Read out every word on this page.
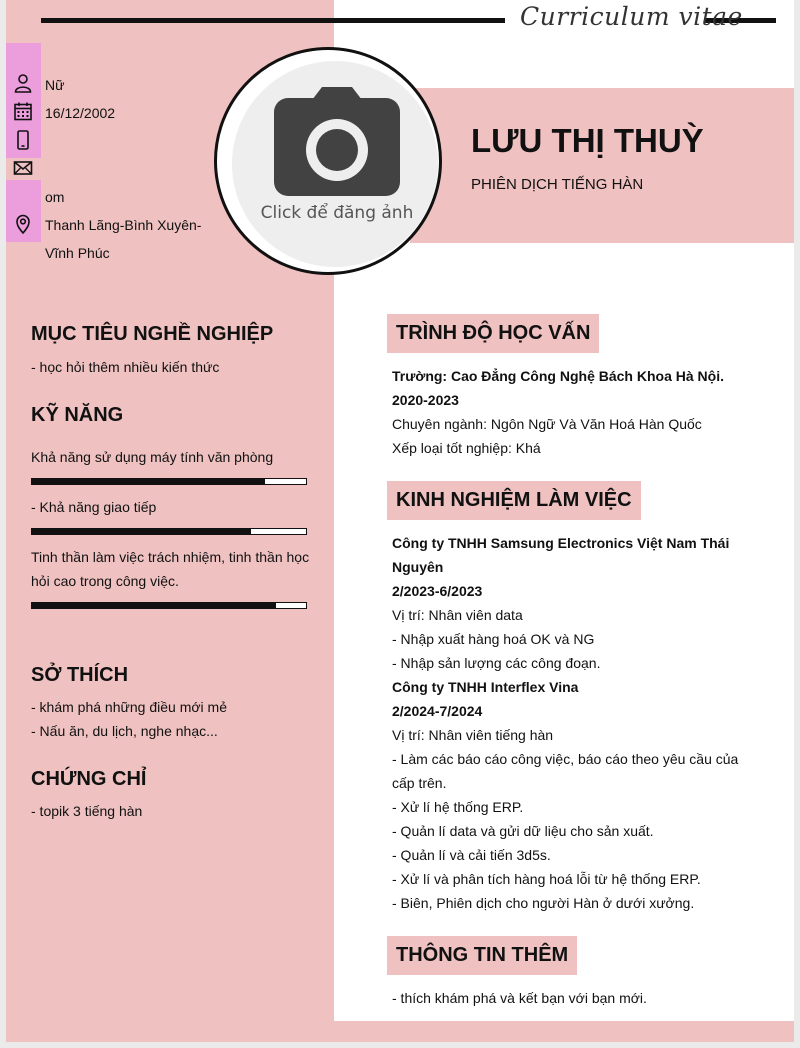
Curriculum vitae
Nữ
16/12/2002
om
Thanh Lãng-Bình Xuyên-
Vĩnh Phúc
Click để đăng ảnh
LƯU THỊ THUỲ
PHIÊN DỊCH TIẾNG HÀN
MỤC TIÊU NGHỀ NGHIỆP
- học hỏi thêm nhiều kiến thức
KỸ NĂNG
Khả năng sử dụng máy tính văn phòng
- Khả năng giao tiếp
Tinh thần làm việc trách nhiệm, tinh thần học hỏi cao trong công việc.
SỞ THÍCH
- khám phá những điều mới mẻ
- Nấu ăn, du lịch, nghe nhạc...
CHỨNG CHỈ
- topik 3 tiếng hàn
TRÌNH ĐỘ HỌC VẤN
Trường: Cao Đẳng Công Nghệ Bách Khoa Hà Nội.
2020-2023
Chuyên ngành: Ngôn Ngữ Và Văn Hoá Hàn Quốc
Xếp loại tốt nghiệp: Khá
KINH NGHIỆM LÀM VIỆC
Công ty TNHH Samsung Electronics Việt Nam Thái Nguyên
2/2023-6/2023
Vị trí: Nhân viên data
- Nhập xuất hàng hoá OK và NG
- Nhập sản lượng các công đoạn.
Công ty TNHH Interflex Vina
2/2024-7/2024
Vị trí: Nhân viên tiếng hàn
- Làm các báo cáo công việc, báo cáo theo yêu cầu của cấp trên.
- Xử lí hệ thống ERP.
- Quản lí data và gửi dữ liệu cho sản xuất.
- Quản lí và cải tiến 3d5s.
- Xử lí và phân tích hàng hoá lỗi từ hệ thống ERP.
- Biên, Phiên dịch cho người Hàn ở dưới xưởng.
THÔNG TIN THÊM
- thích khám phá và kết bạn với bạn mới.
